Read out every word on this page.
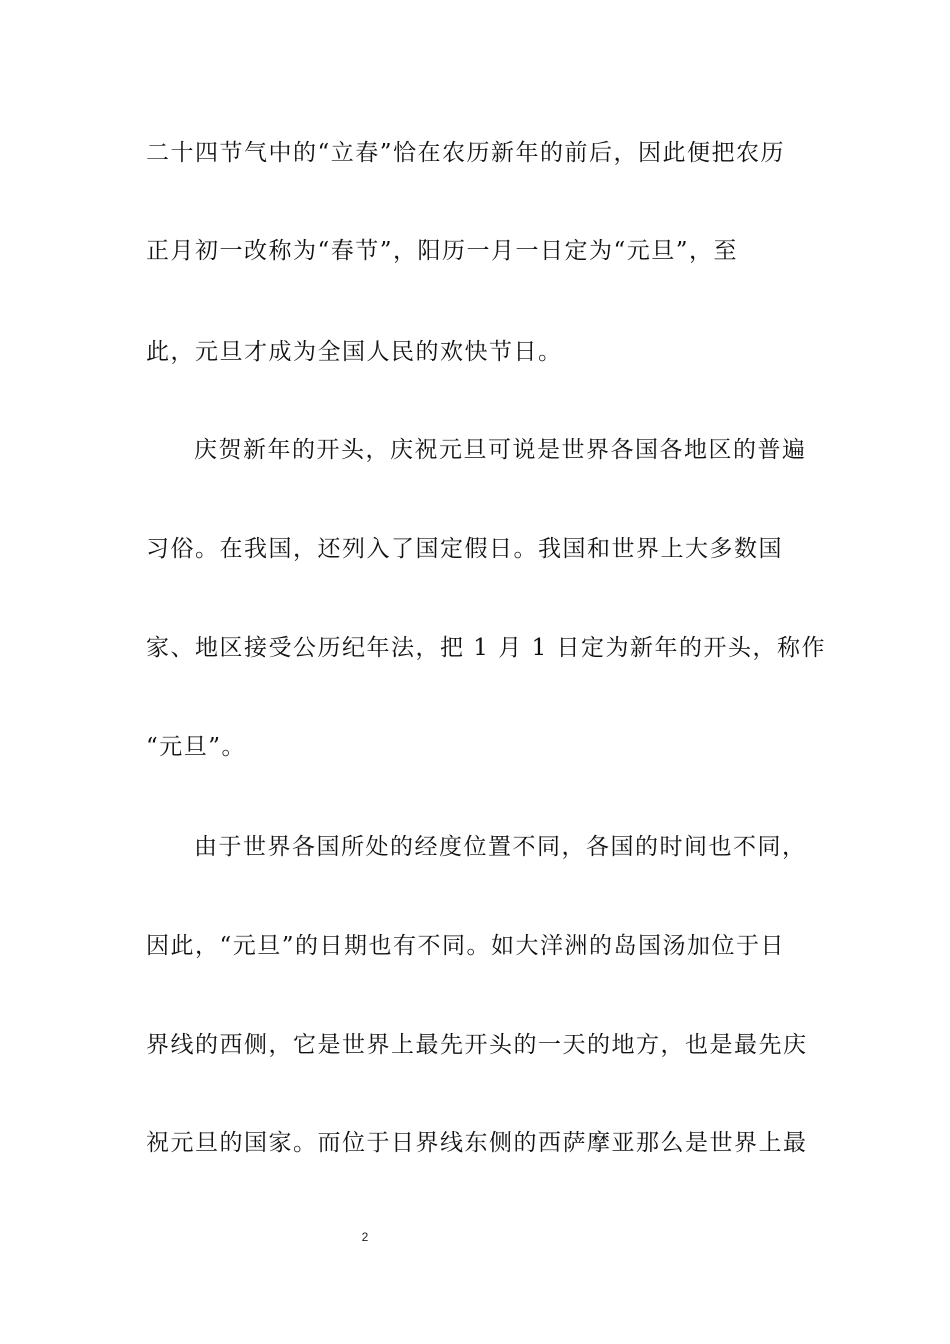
二十四节气中的“立春”恰在农历新年的前后，因此便把农历
正月初一改称为“春节”，阳历一月一日定为“元旦”，至
此，元旦才成为全国人民的欢快节日。
庆贺新年的开头，庆祝元旦可说是世界各国各地区的普遍
习俗。在我国，还列入了国定假日。我国和世界上大多数国
家、地区接受公历纪年法，把 1 月 1 日定为新年的开头，称作
“元旦”。
由于世界各国所处的经度位置不同，各国的时间也不同，
因此，“元旦”的日期也有不同。如大洋洲的岛国汤加位于日
界线的西侧，它是世界上最先开头的一天的地方，也是最先庆
祝元旦的国家。而位于日界线东侧的西萨摩亚那么是世界上最
2
